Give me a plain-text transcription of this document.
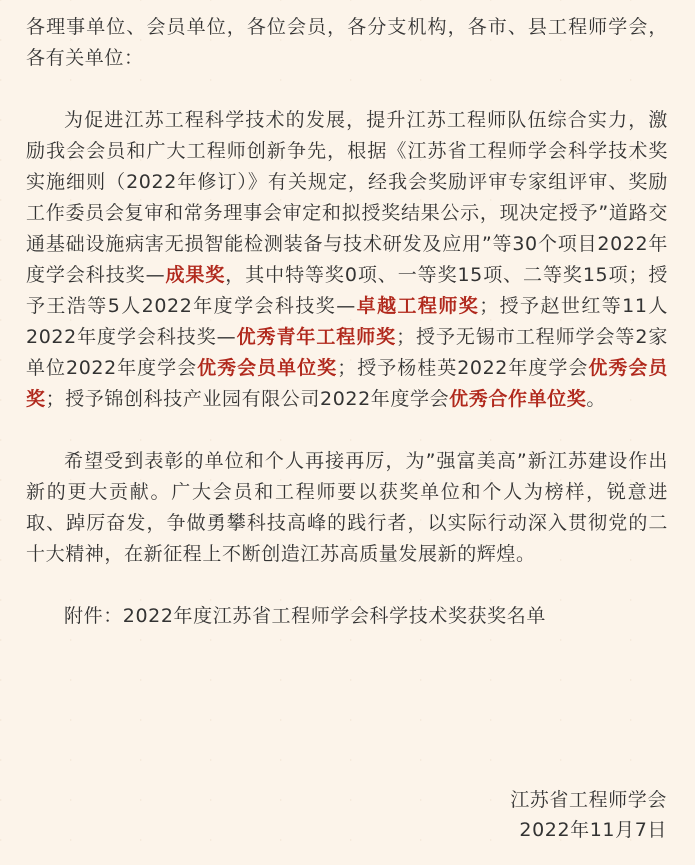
各理事单位、会员单位，各位会员，各分支机构，各市、县工程师学会，各有关单位：

为促进江苏工程科学技术的发展，提升江苏工程师队伍综合实力，激励我会会员和广大工程师创新争先，根据《江苏省工程师学会科学技术奖实施细则（2022年修订）》有关规定，经我会奖励评审专家组评审、奖励工作委员会复审和常务理事会审定和拟授奖结果公示，现决定授予”道路交通基础设施病害无损智能检测装备与技术研发及应用”等30个项目2022年度学会科技奖—成果奖，其中特等奖0项、一等奖15项、二等奖15项；授予王浩等5人2022年度学会科技奖—卓越工程师奖；授予赵世红等11人2022年度学会科技奖—优秀青年工程师奖；授予无锡市工程师学会等2家单位2022年度学会优秀会员单位奖；授予杨桂英2022年度学会优秀会员奖；授予锦创科技产业园有限公司2022年度学会优秀合作单位奖。

希望受到表彰的单位和个人再接再厉，为”强富美高”新江苏建设作出新的更大贡献。广大会员和工程师要以获奖单位和个人为榜样，锐意进取、踔厉奋发，争做勇攀科技高峰的践行者，以实际行动深入贯彻党的二十大精神，在新征程上不断创造江苏高质量发展新的辉煌。

附件：2022年度江苏省工程师学会科学技术奖获奖名单

江苏省工程师学会
2022年11月7日
